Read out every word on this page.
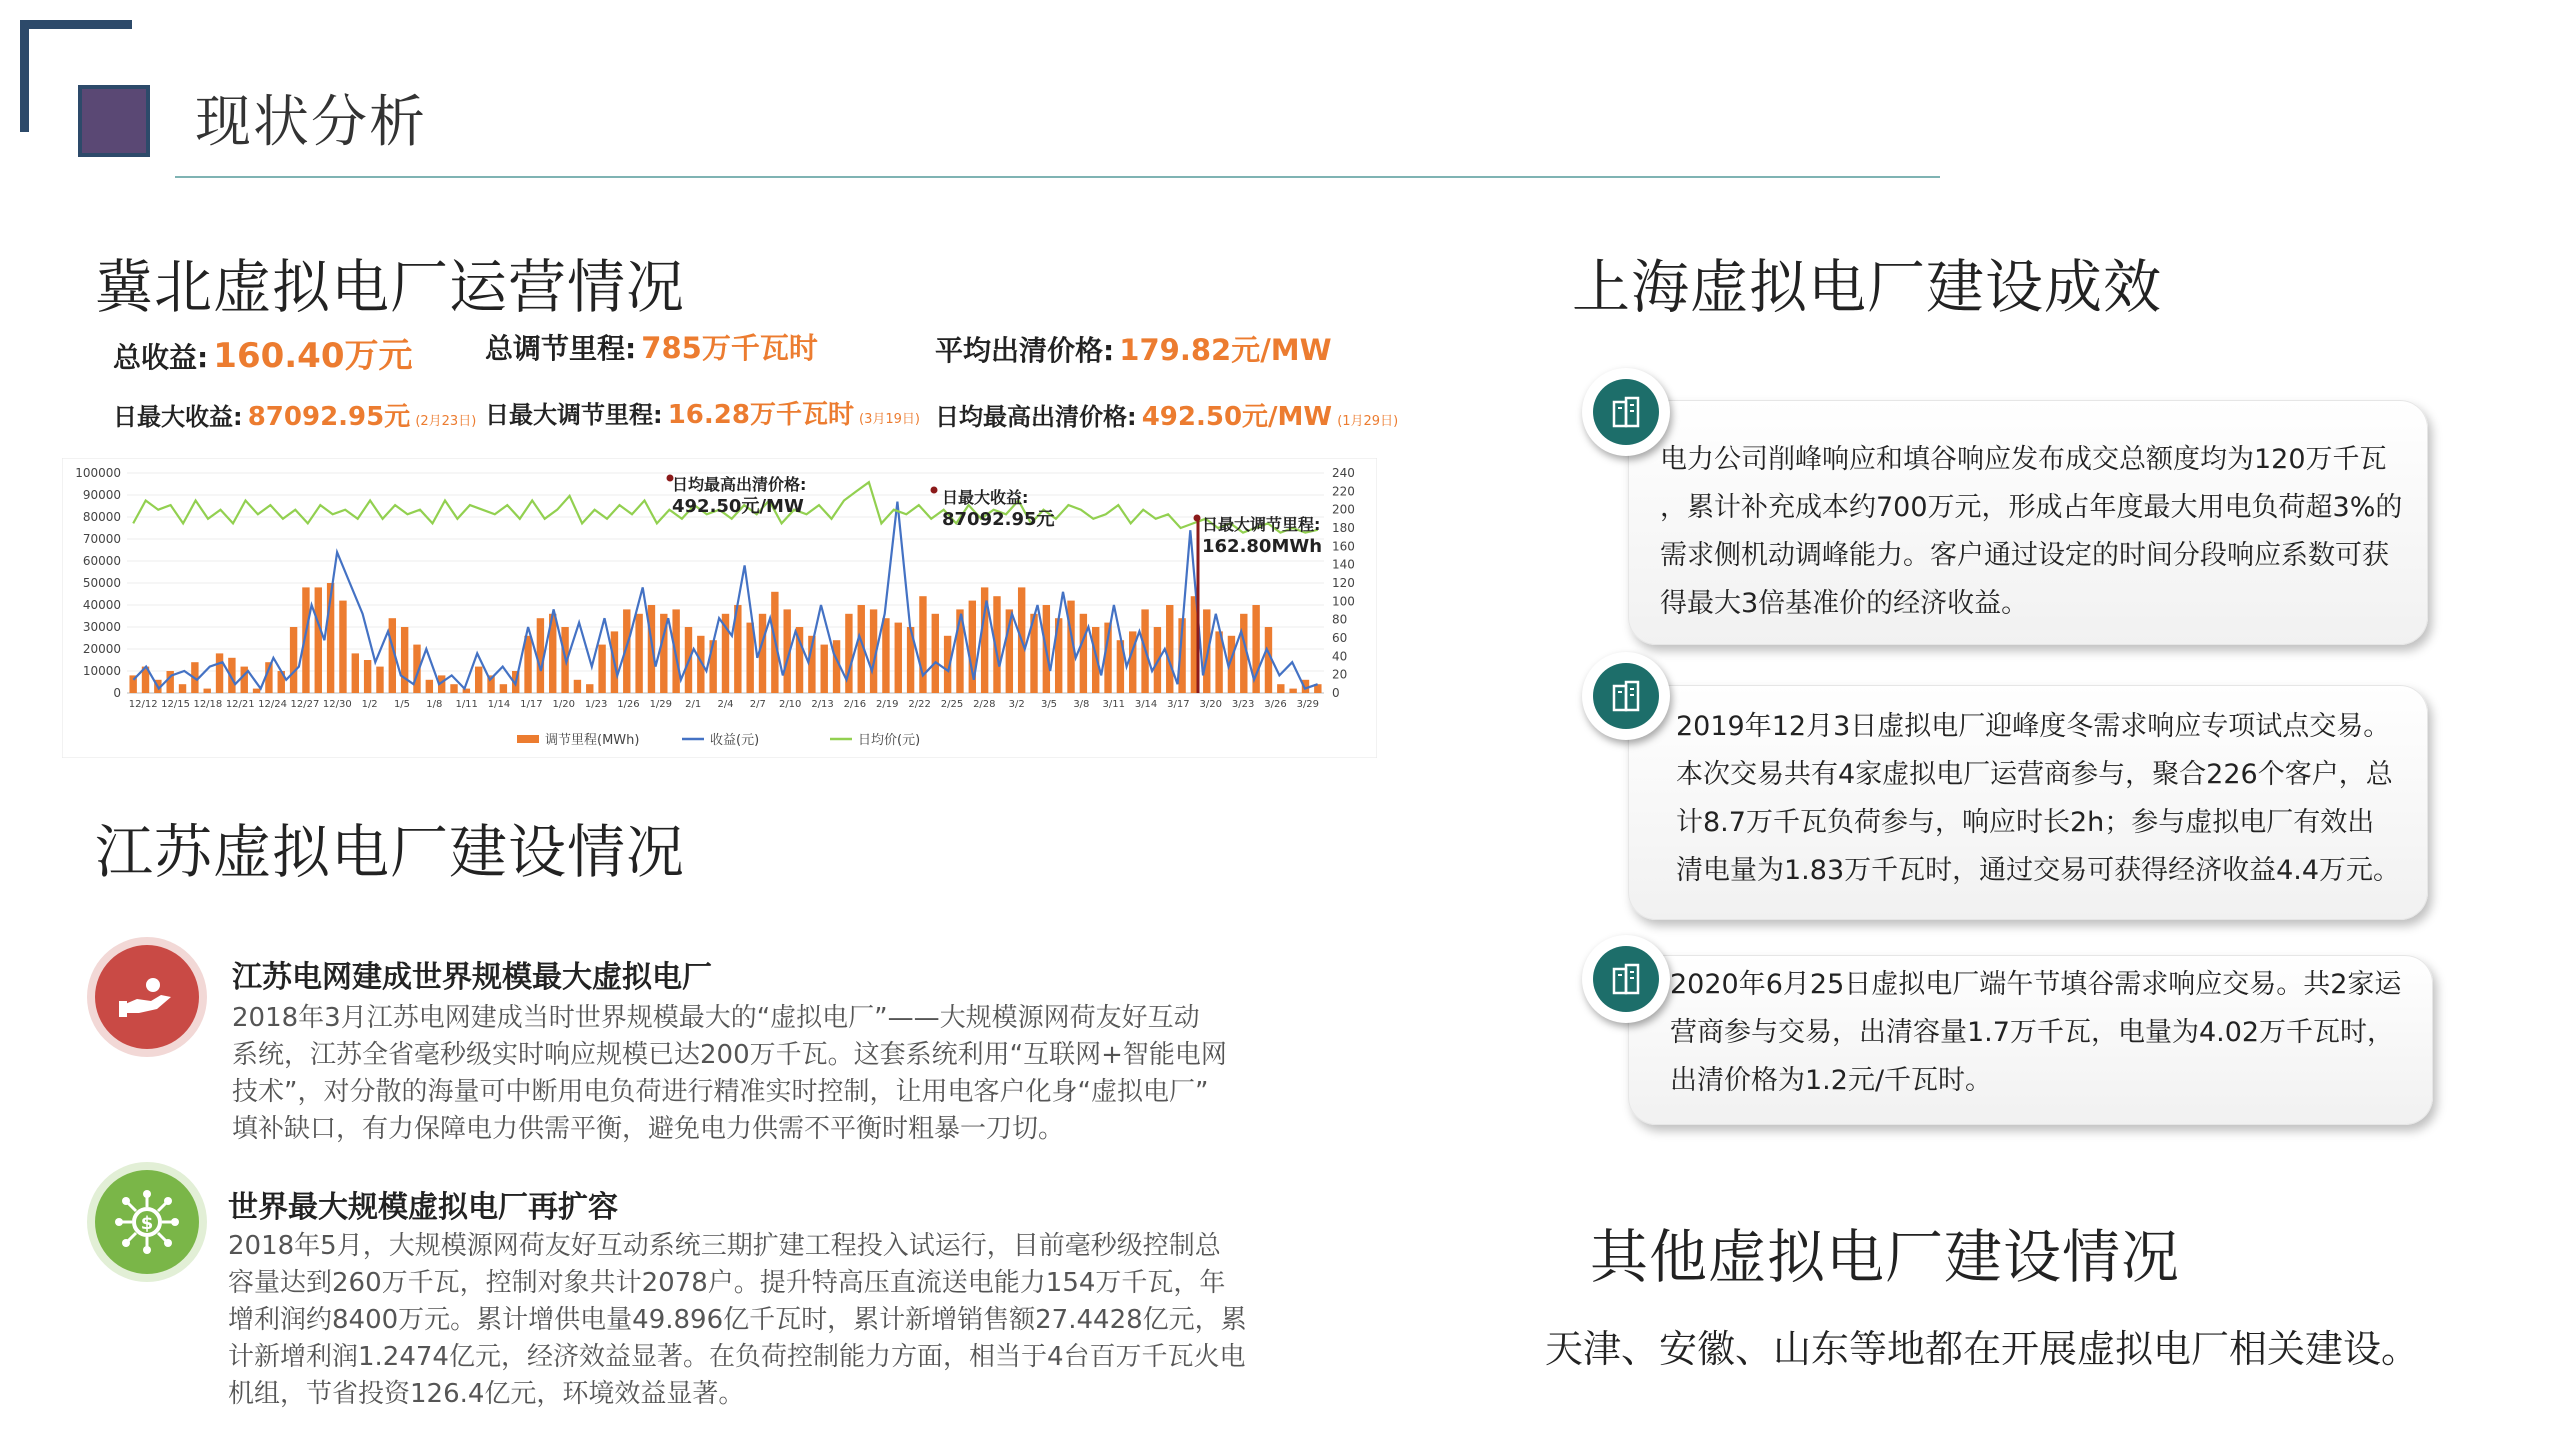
现状分析
冀北虚拟电厂运营情况
总收益: 160.40万元	总调节里程: 785万千瓦时	平均出清价格: 179.82元/MW
日最大收益: 87092.95元 (2月23日) 日最大调节里程: 16.28万千瓦时 (3月19日) 日均最高出清价格: 492.50元/MW (1月29日)
0
10000
20000
30000
40000
50000
60000
70000
80000
90000
100000
0
20
40
60
80
100
120
140
160
180
200
220
240
12/12 12/15 12/18 12/21 12/24 12/27 12/30 1/2 1/5 1/8 1/11 1/14 1/17 1/20 1/23 1/26 1/29 2/1 2/4 2/7 2/10 2/13 2/16 2/19 2/22 2/25 2/28 3/2 3/5 3/8 3/11 3/14 3/17 3/20 3/23 3/26 3/29
日均最高出清价格:
492.50元/MW	日最大收益:
87092.95元	日最大调节里程:
162.80MWh
调节里程(MWh)	收益(元)	日均价(元)
江苏虚拟电厂建设情况
江苏电网建成世界规模最大虚拟电厂
2018年3月江苏电网建成当时世界规模最大的“虚拟电厂”——大规模源网荷友好互动
系统，江苏全省毫秒级实时响应规模已达200万千瓦。这套系统利用“互联网+智能电网
技术”，对分散的海量可中断用电负荷进行精准实时控制，让用电客户化身“虚拟电厂”
填补缺口，有力保障电力供需平衡，避免电力供需不平衡时粗暴一刀切。
$ 世界最大规模虚拟电厂再扩容
2018年5月，大规模源网荷友好互动系统三期扩建工程投入试运行，目前毫秒级控制总
容量达到260万千瓦，控制对象共计2078户。提升特高压直流送电能力154万千瓦，年
增利润约8400万元。累计增供电量49.896亿千瓦时，累计新增销售额27.4428亿元，累
计新增利润1.2474亿元，经济效益显著。在负荷控制能力方面，相当于4台百万千瓦火电
机组，节省投资126.4亿元，环境效益显著。
上海虚拟电厂建设成效
电力公司削峰响应和填谷响应发布成交总额度均为120万千瓦
，累计补充成本约700万元，形成占年度最大用电负荷超3%的
需求侧机动调峰能力。客户通过设定的时间分段响应系数可获
得最大3倍基准价的经济收益。
2019年12月3日虚拟电厂迎峰度冬需求响应专项试点交易。
本次交易共有4家虚拟电厂运营商参与，聚合226个客户，总
计8.7万千瓦负荷参与，响应时长2h；参与虚拟电厂有效出
清电量为1.83万千瓦时，通过交易可获得经济收益4.4万元。
2020年6月25日虚拟电厂端午节填谷需求响应交易。共2家运
营商参与交易，出清容量1.7万千瓦，电量为4.02万千瓦时，
出清价格为1.2元/千瓦时。
其他虚拟电厂建设情况
天津、安徽、山东等地都在开展虚拟电厂相关建设。
